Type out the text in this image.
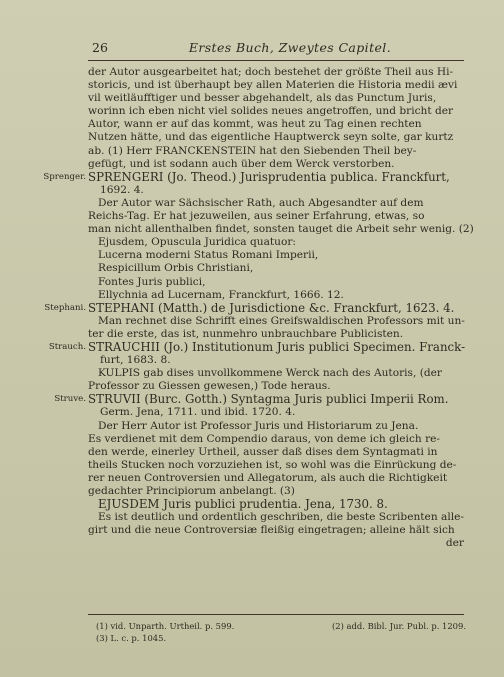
26	Erstes Buch, Zweytes Capitel.
der Autor ausgearbeitet hat; doch bestehet der größte Theil aus Hi-
storicis, und ist überhaupt bey allen Materien die Historia medii ævi
vil weitläufftiger und besser abgehandelt, als das Punctum Juris,
worinn ich eben nicht viel solides neues angetroffen, und bricht der
Autor, wann er auf das kommt, was heut zu Tag einen rechten
Nutzen hätte, und das eigentliche Hauptwerck seyn solte, gar kurtz
ab. (1) Herr FRANCKENSTEIN hat den Siebenden Theil bey-
gefügt, und ist sodann auch über dem Werck verstorben.
SPRENGERI (Jo. Theod.) Jurisprudentia publica. Franckfurt,
Sprenger.
1692. 4.
Der Autor war Sächsischer Rath, auch Abgesandter auf dem
Reichs-Tag. Er hat jezuweilen, aus seiner Erfahrung, etwas, so
man nicht allenthalben findet, sonsten tauget die Arbeit sehr wenig. (2)
Ejusdem, Opuscula Juridica quatuor:
Lucerna moderni Status Romani Imperii,
Respicillum Orbis Christiani,
Fontes Juris publici,
Ellychnia ad Lucernam, Franckfurt, 1666. 12.
STEPHANI (Matth.) de Jurisdictione &c. Franckfurt, 1623. 4.
Stephani.
Man rechnet dise Schrifft eines Greifswaldischen Professors mit un-
ter die erste, das ist, nunmehro unbrauchbare Publicisten.
STRAUCHII (Jo.) Institutionum Juris publici Specimen. Franck-
Strauch.
furt, 1683. 8.
KULPIS gab dises unvollkommene Werck nach des Autoris, (der
Professor zu Giessen gewesen,) Tode heraus.
STRUVII (Burc. Gotth.) Syntagma Juris publici Imperii Rom.
Struve.
Germ. Jena, 1711. und ibid. 1720. 4.
Der Herr Autor ist Professor Juris und Historiarum zu Jena.
Es verdienet mit dem Compendio daraus, von deme ich gleich re-
den werde, einerley Urtheil, ausser daß dises dem Syntagmati in
theils Stucken noch vorzuziehen ist, so wohl was die Einrückung de-
rer neuen Controversien und Allegatorum, als auch die Richtigkeit
gedachter Principiorum anbelangt. (3)
EJUSDEM Juris publici prudentia. Jena, 1730. 8.
Es ist deutlich und ordentlich geschriben, die beste Scribenten alle-
girt und die neue Controversiæ fleißig eingetragen; alleine hält sich
der
(1) vid. Unparth. Urtheil. p. 599.	(2) add. Bibl. Jur. Publ. p. 1209.
(3) L. c. p. 1045.
